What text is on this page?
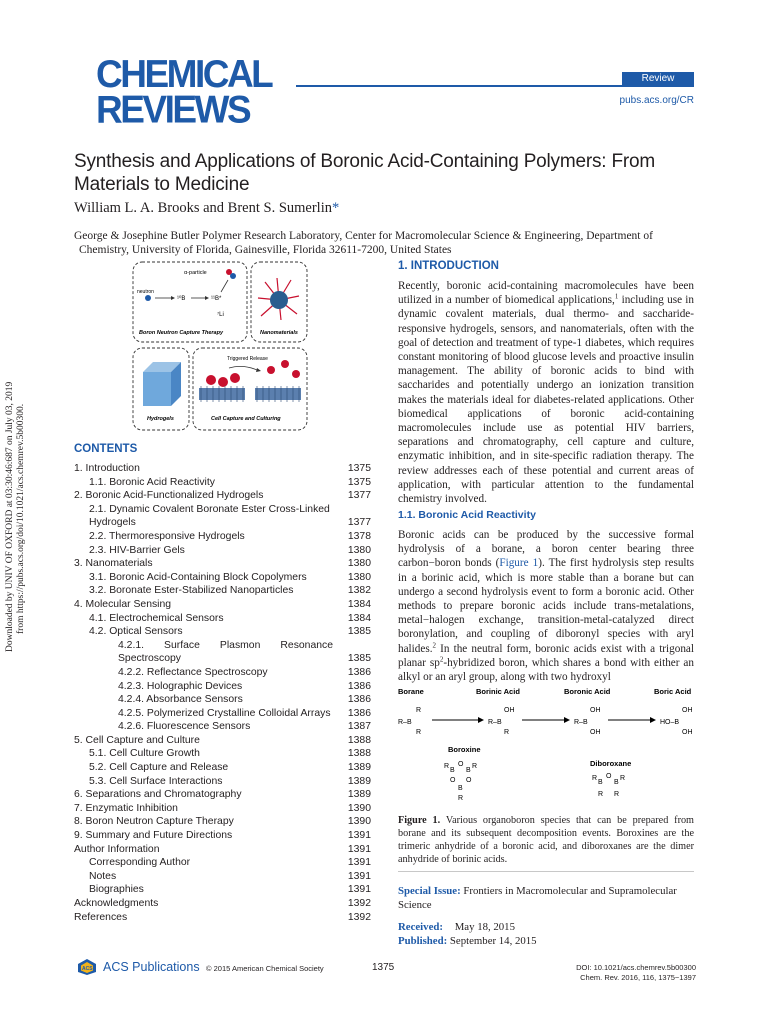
CHEMICAL
REVIEWS
Review
pubs.acs.org/CR
Synthesis and Applications of Boronic Acid-Containing Polymers: From Materials to Medicine
William L. A. Brooks and Brent S. Sumerlin*
George & Josephine Butler Polymer Research Laboratory, Center for Macromolecular Science & Engineering, Department of
Chemistry, University of Florida, Gainesville, Florida 32611-7200, United States
α-particle
neutron
¹⁰B	¹¹B*
⁷Li
Boron Neutron Capture Therapy	Nanomaterials
Hydrogels
Triggered Release
Cell Capture and Culturing
CONTENTS
1. Introduction	1375
1.1. Boronic Acid Reactivity	1375
2. Boronic Acid-Functionalized Hydrogels	1377
2.1. Dynamic Covalent Boronate Ester Cross-Linked Hydrogels	1377
2.2. Thermoresponsive Hydrogels	1378
2.3. HIV-Barrier Gels	1380
3. Nanomaterials	1380
3.1. Boronic Acid-Containing Block Copolymers	1380
3.2. Boronate Ester-Stabilized Nanoparticles	1382
4. Molecular Sensing	1384
4.1. Electrochemical Sensors	1384
4.2. Optical Sensors	1385
4.2.1. Surface Plasmon Resonance Spectroscopy	1385
4.2.2. Reflectance Spectroscopy	1386
4.2.3. Holographic Devices	1386
4.2.4. Absorbance Sensors	1386
4.2.5. Polymerized Crystalline Colloidal Arrays	1386
4.2.6. Fluorescence Sensors	1387
5. Cell Capture and Culture	1388
5.1. Cell Culture Growth	1388
5.2. Cell Capture and Release	1389
5.3. Cell Surface Interactions	1389
6. Separations and Chromatography	1389
7. Enzymatic Inhibition	1390
8. Boron Neutron Capture Therapy	1390
9. Summary and Future Directions	1391
Author Information	1391
Corresponding Author	1391
Notes	1391
Biographies	1391
Acknowledgments	1392
References	1392
1. INTRODUCTION

Recently, boronic acid-containing macromolecules have been utilized in a number of biomedical applications,$^1$ including use in dynamic covalent materials, dual thermo- and saccharide-responsive hydrogels, sensors, and nanomaterials, often with the goal of detection and treatment of type-1 diabetes, which requires constant monitoring of blood glucose levels and proactive insulin management. The ability of boronic acids to bind with saccharides and potentially undergo an ionization transition makes the materials ideal for diabetes-related applications. Other biomedical applications of boronic acid-containing macromolecules include use as potential HIV barriers, separations and chromatography, cell capture and culture, enzymatic inhibition, and in site-specific radiation therapy. The review addresses each of these potential and current areas of application, with particular attention to the fundamental chemistry involved.

1.1. Boronic Acid Reactivity

Boronic acids can be produced by the successive formal hydrolysis of a borane, a boron center bearing three carbon−boron bonds (Figure 1). The first hydrolysis step results in a borinic acid, which is more stable than a borane but can undergo a second hydrolysis event to form a boronic acid. Other methods to prepare boronic acids include trans-metalations, metal−halogen exchange, transition-metal-catalyzed direct boronylation, and coupling of diboronyl species with aryl halides.$^2$ In the neutral form, boronic acids exist with a trigonal planar $sp^2$-hybridized boron, which shares a bond with either an alkyl or an aryl group, along with two hydroxyl

Borane	Borinic Acid	Boronic Acid	Boric Acid
R
R–B
R
OH
R–B
R
OH
R–B
OH
OH
HO–B
OH
Boroxine
R
B
O
B
R
O O
B
R
Diboroxane
R
B
O
B
R
R R

Figure 1. Various organoboron species that can be prepared from borane and its subsequent decomposition events. Boroxines are the trimeric anhydride of a boronic acid, and diboroxanes are the dimer anhydride of borinic acids.

Special Issue: Frontiers in Macromolecular and Supramolecular Science

Received: May 18, 2015
Published: September 14, 2015
Downloaded by UNIV OF OXFORD at 03:30:46:687 on July 03, 2019 from https://pubs.acs.org/doi/10.1021/acs.chemrev.5b00300.
ACS ACS Publications © 2015 American Chemical Society	1375	DOI: 10.1021/acs.chemrev.5b00300
Chem. Rev. 2016, 116, 1375−1397
